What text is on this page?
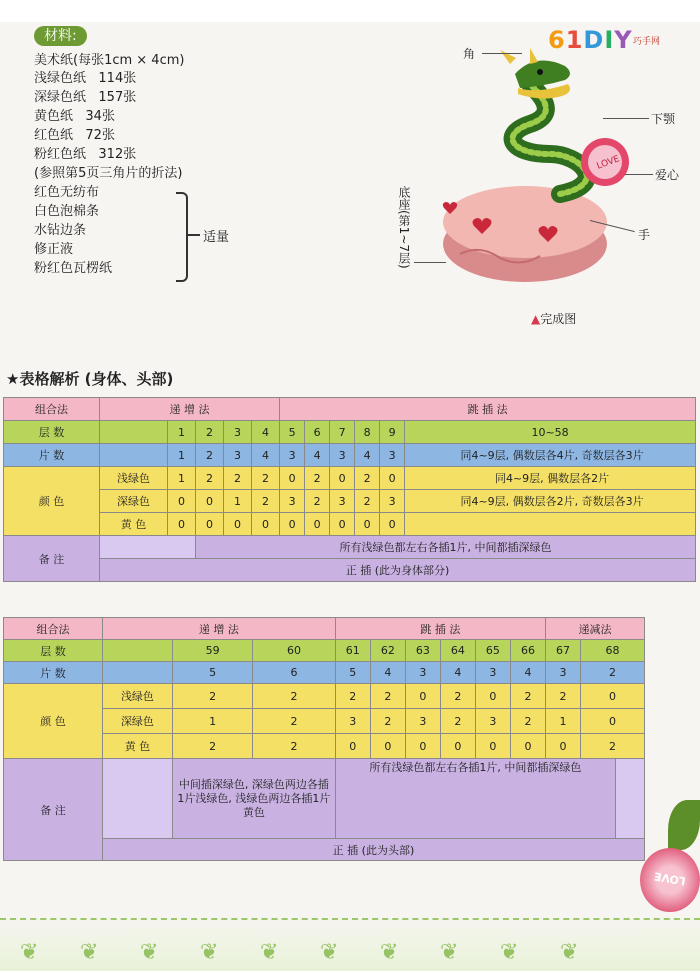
材料:
美术纸(每张1cm × 4cm)
浅绿色纸   114张
深绿色纸   157张
黄色纸   34张
红色纸   72张
粉红色纸   312张
(参照第5页三角片的折法)
红色无纺布
白色泡棉条
水钻边条
修正液
粉红色瓦楞纸
适量
61DIY 巧手网
LOVE
角
下颚
爱心
手
底座(第1~7层)
▲完成图
★表格解析 (身体、头部)
组合法	递 增 法					跳 插 法					
层 数		1	2	3	4	5	6	7	8	9	10~58
片 数		1	2	3	4	3	4	3	4	3	同4~9层, 偶数层各4片, 奇数层各3片
颜 色	浅绿色	1	2	2	2	0	2	0	2	0	同4~9层, 偶数层各2片
	深绿色	0	0	1	2	3	2	3	2	3	同4~9层, 偶数层各2片, 奇数层各3片
	黄 色	0	0	0	0	0	0	0	0	0	
备 注			所有浅绿色都左右各插1片, 中间都插深绿色								
	正 插 (此为身体部分)										
组合法	递 增 法			跳 插 法						递减法		
层 数		59	60	61	62	63	64	65	66	67	68	
片 数		5	6	5	4	3	4	3	4	3	2	
颜 色	浅绿色	2	2	2	2	0	2	0	2	2	0	
	深绿色	1	2	3	2	3	2	3	2	1	0	
	黄 色	2	2	0	0	0	0	0	0	0	2	
备 注		中间插深绿色, 深绿色两边各插1片浅绿色, 浅绿色两边各插1片黄色		所有浅绿色都左右各插1片, 中间都插深绿色								
	正 插 (此为头部)											
LOVE
❦ ❦ ❦ ❦ ❦ ❦ ❦ ❦ ❦ ❦
